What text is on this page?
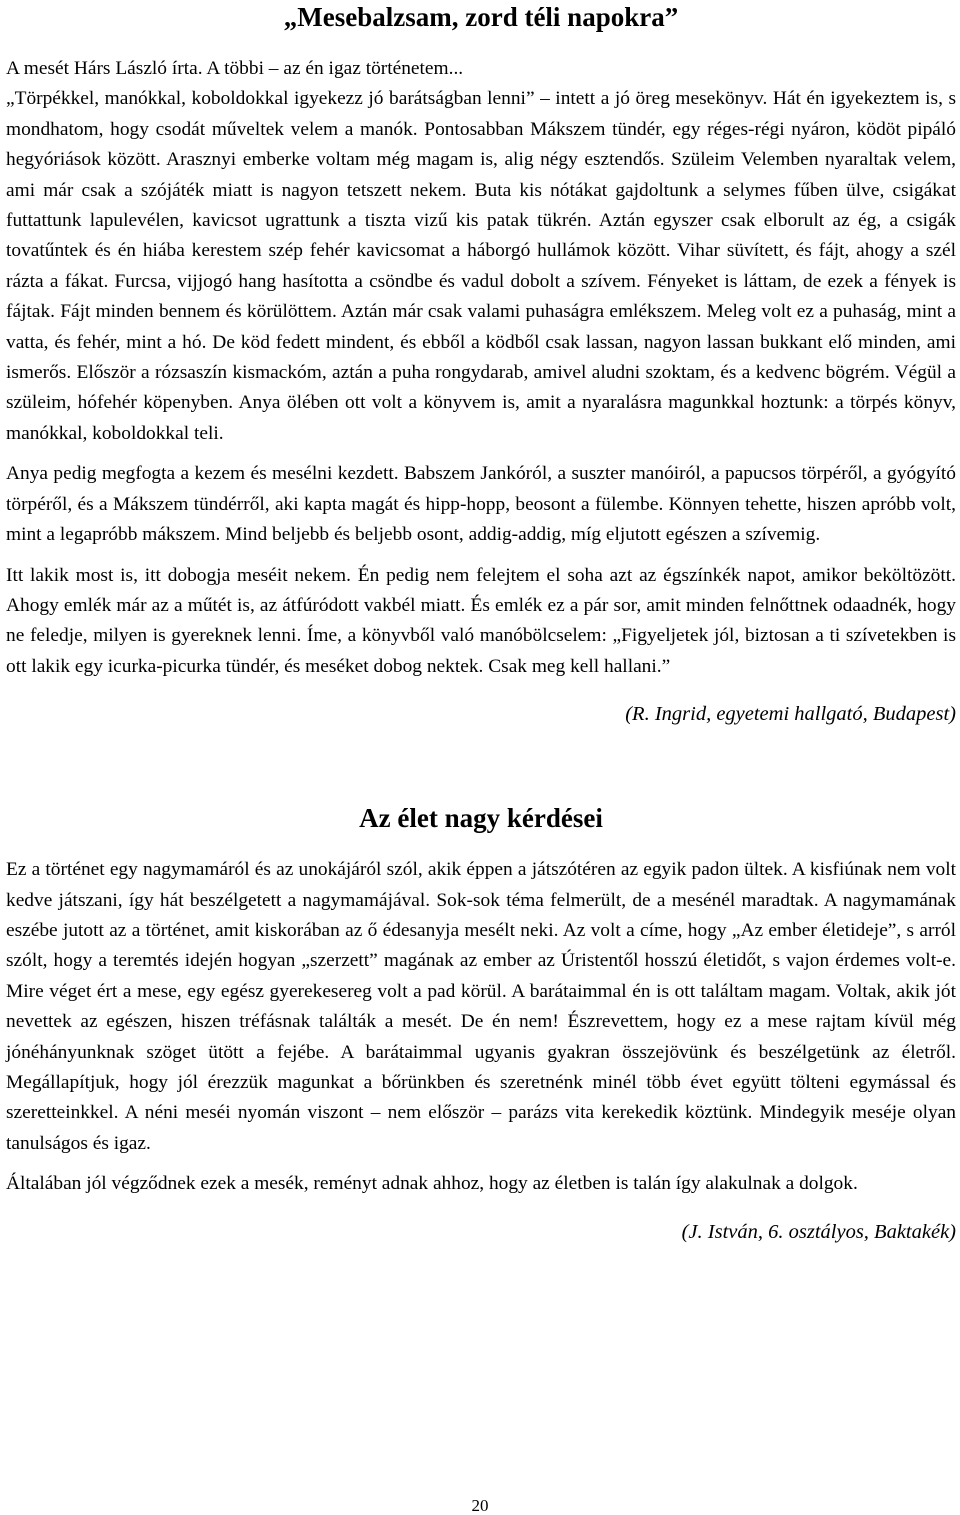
„Mesebalzsam, zord téli napokra”

A mesét Hárs László írta. A többi – az én igaz történetem...

„Törpékkel, manókkal, koboldokkal igyekezz jó barátságban lenni” – intett a jó öreg mesekönyv. Hát én igyekeztem is, s mondhatom, hogy csodát műveltek velem a manók. Pontosabban Mákszem tündér, egy réges-régi nyáron, ködöt pipáló hegyóriások között. Arasznyi emberke voltam még magam is, alig négy esztendős. Szüleim Velemben nyaraltak velem, ami már csak a szójáték miatt is nagyon tetszett nekem. Buta kis nótákat gajdoltunk a selymes fűben ülve, csigákat futtattunk lapulevélen, kavicsot ugrattunk a tiszta vizű kis patak tükrén. Aztán egyszer csak elborult az ég, a csigák tovatűntek és én hiába kerestem szép fehér kavicsomat a háborgó hullámok között. Vihar süvített, és fájt, ahogy a szél rázta a fákat. Furcsa, vijjogó hang hasította a csöndbe és vadul dobolt a szívem. Fényeket is láttam, de ezek a fények is fájtak. Fájt minden bennem és körülöttem. Aztán már csak valami puhaságra emlékszem. Meleg volt ez a puhaság, mint a vatta, és fehér, mint a hó. De köd fedett mindent, és ebből a ködből csak lassan, nagyon lassan bukkant elő minden, ami ismerős. Először a rózsaszín kismackóm, aztán a puha rongydarab, amivel aludni szoktam, és a kedvenc bögrém. Végül a szüleim, hófehér köpenyben. Anya ölében ott volt a könyvem is, amit a nyaralásra magunkkal hoztunk: a törpés könyv, manókkal, koboldokkal teli.

Anya pedig megfogta a kezem és mesélni kezdett. Babszem Jankóról, a suszter manóiról, a papucsos törpéről, a gyógyító törpéről, és a Mákszem tündérről, aki kapta magát és hipp-hopp, beosont a fülembe. Könnyen tehette, hiszen apróbb volt, mint a legapróbb mákszem. Mind beljebb és beljebb osont, addig-addig, míg eljutott egészen a szívemig.

Itt lakik most is, itt dobogja meséit nekem. Én pedig nem felejtem el soha azt az égszínkék napot, amikor beköltözött. Ahogy emlék már az a műtét is, az átfúródott vakbél miatt. És emlék ez a pár sor, amit minden felnőttnek odaadnék, hogy ne feledje, milyen is gyereknek lenni. Íme, a könyvből való manóbölcselem: „Figyeljetek jól, biztosan a ti szívetekben is ott lakik egy icurka-picurka tündér, és meséket dobog nektek. Csak meg kell hallani.”

(R. Ingrid, egyetemi hallgató, Budapest)
Az élet nagy kérdései

Ez a történet egy nagymamáról és az unokájáról szól, akik éppen a játszótéren az egyik padon ültek. A kisfiúnak nem volt kedve játszani, így hát beszélgetett a nagymamájával. Sok-sok téma felmerült, de a mesénél maradtak. A nagymamának eszébe jutott az a történet, amit kiskorában az ő édesanyja mesélt neki. Az volt a címe, hogy „Az ember életideje”, s arról szólt, hogy a teremtés idején hogyan „szerzett” magának az ember az Úristentől hosszú életidőt, s vajon érdemes volt-e. Mire véget ért a mese, egy egész gyerekesereg volt a pad körül. A barátaimmal én is ott találtam magam. Voltak, akik jót nevettek az egészen, hiszen tréfásnak találták a mesét. De én nem! Észrevettem, hogy ez a mese rajtam kívül még jónéhányunknak szöget ütött a fejébe. A barátaimmal ugyanis gyakran összejövünk és beszélgetünk az életről. Megállapítjuk, hogy jól érezzük magunkat a bőrünkben és szeretnénk minél több évet együtt tölteni egymással és szeretteinkkel. A néni meséi nyomán viszont – nem először – parázs vita kerekedik köztünk. Mindegyik meséje olyan tanulságos és igaz.

Általában jól végződnek ezek a mesék, reményt adnak ahhoz, hogy az életben is talán így alakulnak a dolgok.

(J. István, 6. osztályos, Baktakék)
20
